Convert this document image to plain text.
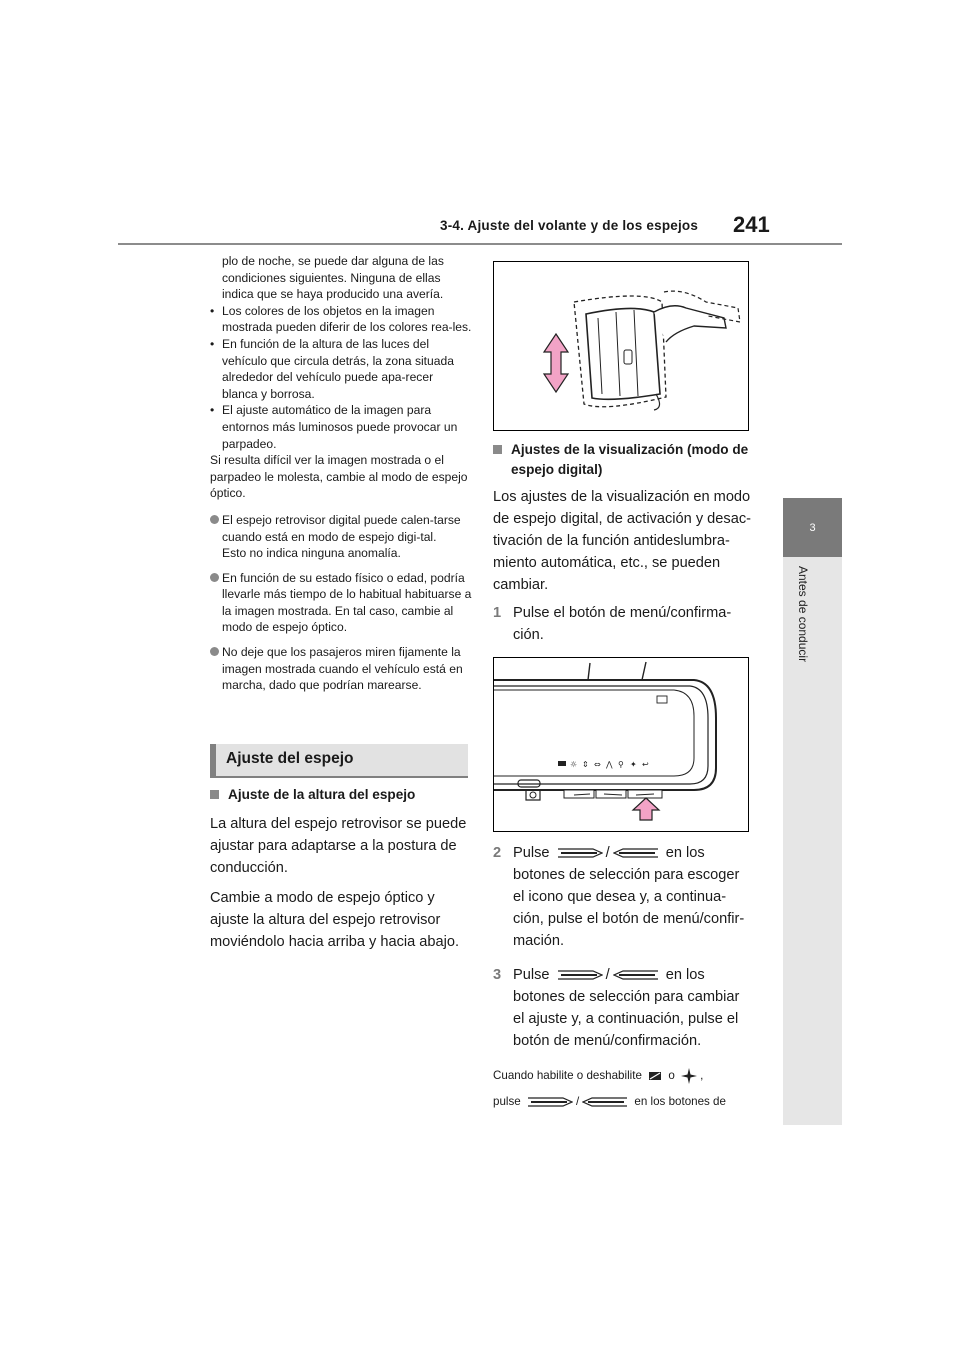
3-4. Ajuste del volante y de los espejos 241
3
Antes de conducir

plo de noche, se puede dar alguna de las condiciones siguientes. Ninguna de ellas indica que se haya producido una avería.

• Los colores de los objetos en la imagen mostrada pueden diferir de los colores rea-les.

• En función de la altura de las luces del vehículo que circula detrás, la zona situada alrededor del vehículo puede apa-recer blanca y borrosa.

• El ajuste automático de la imagen para entornos más luminosos puede provocar un parpadeo.

Si resulta difícil ver la imagen mostrada o el parpadeo le molesta, cambie al modo de espejo óptico.

El espejo retrovisor digital puede calen-tarse cuando está en modo de espejo digi-tal.
Esto no indica ninguna anomalía.
En función de su estado físico o edad, podría llevarle más tiempo de lo habitual habituarse a la imagen mostrada. En tal caso, cambie al modo de espejo óptico.
No deje que los pasajeros miren fijamente la imagen mostrada cuando el vehículo está en marcha, dado que podrían marearse.
Ajuste del espejo
Ajuste de la altura del espejo
La altura del espejo retrovisor se puede ajustar para adaptarse a la postura de conducción.
Cambie a modo de espejo óptico y ajuste la altura del espejo retrovisor moviéndolo hacia arriba y hacia abajo.
Ajustes de la visualización (modo de espejo digital)
Los ajustes de la visualización en modo de espejo digital, de activación y desac-tivación de la función antideslumbra-miento automática, etc., se pueden cambiar.
1 Pulse el botón de menú/confirma-ción.
☼ ⇕ ⇔ ⋀ ⚲ ✦ ↩
2 Pulse	/	en los
botones de selección para escoger el icono que desea y, a continua-ción, pulse el botón de menú/confir-mación.
3 Pulse	/	en los
botones de selección para cambiar el ajuste y, a continuación, pulse el botón de menú/confirmación.
Cuando habilite o deshabilite o ,
pulse	/	en los botones de
